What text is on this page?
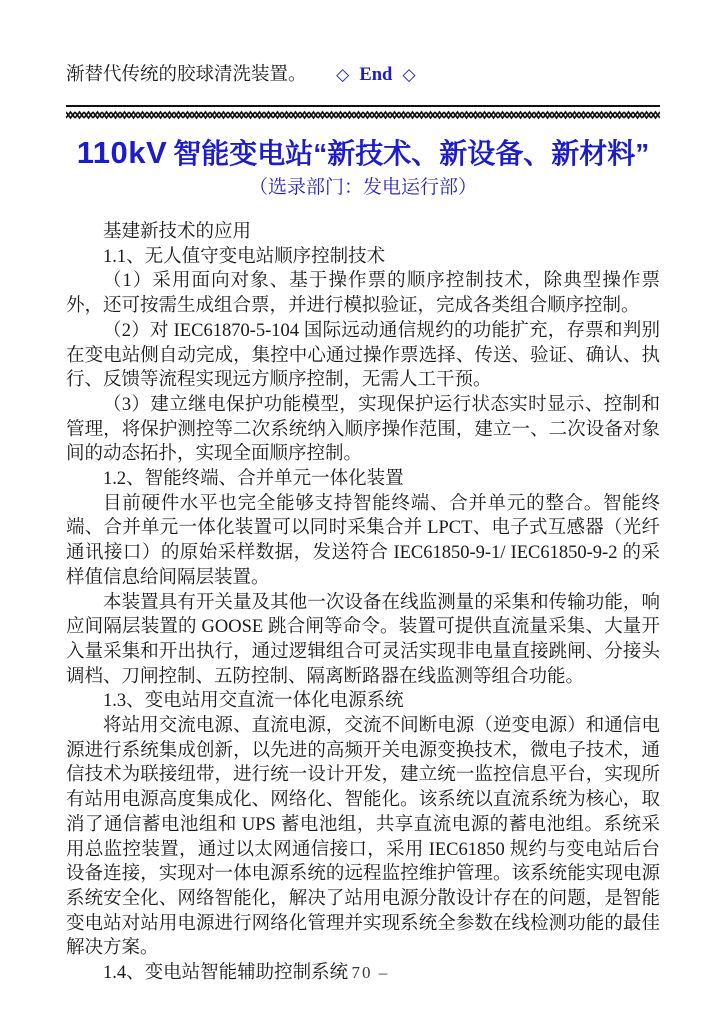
渐替代传统的胶球清洗装置。 ◇ End ◇

110kV 智能变电站“新技术、新设备、新材料”
（选录部门：发电运行部）

基建新技术的应用

1.1、无人值守变电站顺序控制技术

（1）采用面向对象、基于操作票的顺序控制技术，除典型操作票外，还可按需生成组合票，并进行模拟验证，完成各类组合顺序控制。

（2）对 IEC61870-5-104 国际远动通信规约的功能扩充，存票和判别在变电站侧自动完成，集控中心通过操作票选择、传送、验证、确认、执行、反馈等流程实现远方顺序控制，无需人工干预。

（3）建立继电保护功能模型，实现保护运行状态实时显示、控制和管理，将保护测控等二次系统纳入顺序操作范围，建立一、二次设备对象间的动态拓扑，实现全面顺序控制。

1.2、智能终端、合并单元一体化装置

目前硬件水平也完全能够支持智能终端、合并单元的整合。智能终端、合并单元一体化装置可以同时采集合并 LPCT、电子式互感器（光纤通讯接口）的原始采样数据，发送符合 IEC61850-9-1/ IEC61850-9-2 的采样值信息给间隔层装置。

本装置具有开关量及其他一次设备在线监测量的采集和传输功能，响应间隔层装置的 GOOSE 跳合闸等命令。装置可提供直流量采集、大量开入量采集和开出执行，通过逻辑组合可灵活实现非电量直接跳闸、分接头调档、刀闸控制、五防控制、隔离断路器在线监测等组合功能。

1.3、变电站用交直流一体化电源系统

将站用交流电源、直流电源，交流不间断电源（逆变电源）和通信电源进行系统集成创新，以先进的高频开关电源变换技术，微电子技术，通信技术为联接纽带，进行统一设计开发，建立统一监控信息平台，实现所有站用电源高度集成化、网络化、智能化。该系统以直流系统为核心，取消了通信蓄电池组和 UPS 蓄电池组，共享直流电源的蓄电池组。系统采用总监控装置，通过以太网通信接口，采用 IEC61850 规约与变电站后台设备连接，实现对一体电源系统的远程监控维护管理。该系统能实现电源系统安全化、网络智能化，解决了站用电源分散设计存在的问题，是智能变电站对站用电源进行网络化管理并实现系统全参数在线检测功能的最佳解决方案。

1.4、变电站智能辅助控制系统

– 70 –
